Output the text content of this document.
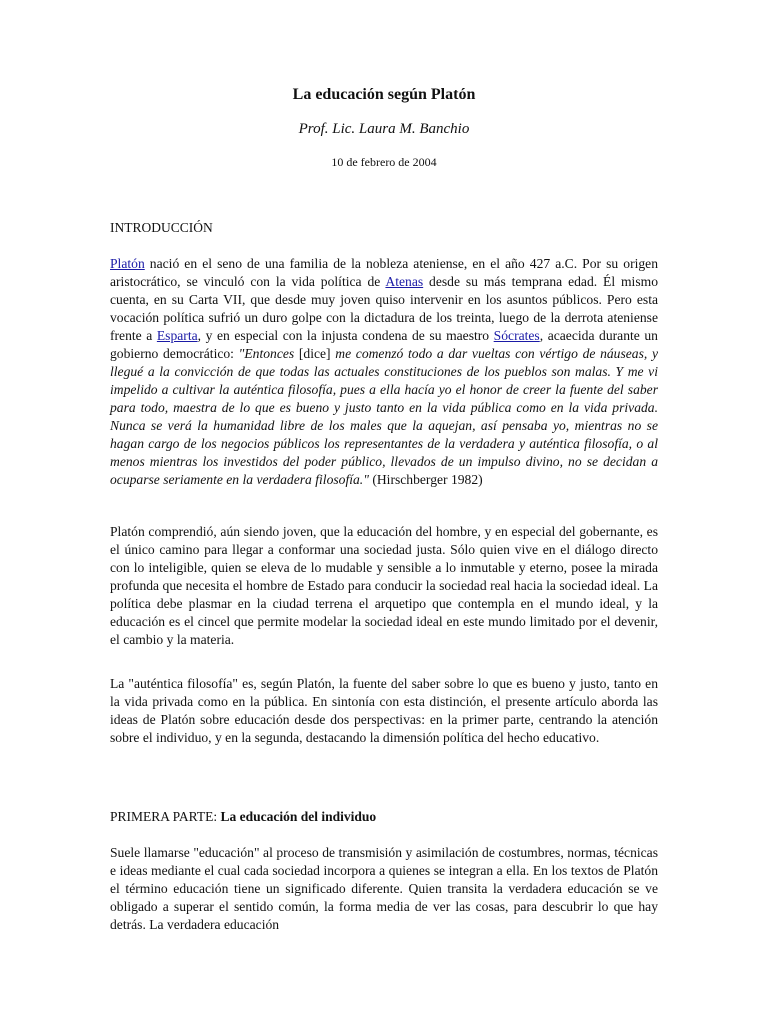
La educación según Platón
Prof. Lic. Laura M. Banchio
10 de febrero de 2004
INTRODUCCIÓN
Platón nació en el seno de una familia de la nobleza ateniense, en el año 427 a.C. Por su origen aristocrático, se vinculó con la vida política de Atenas desde su más temprana edad. Él mismo cuenta, en su Carta VII, que desde muy joven quiso intervenir en los asuntos públicos. Pero esta vocación política sufrió un duro golpe con la dictadura de los treinta, luego de la derrota ateniense frente a Esparta, y en especial con la injusta condena de su maestro Sócrates, acaecida durante un gobierno democrático: "Entonces [dice] me comenzó todo a dar vueltas con vértigo de náuseas, y llegué a la convicción de que todas las actuales constituciones de los pueblos son malas. Y me vi impelido a cultivar la auténtica filosofía, pues a ella hacía yo el honor de creer la fuente del saber para todo, maestra de lo que es bueno y justo tanto en la vida pública como en la vida privada. Nunca se verá la humanidad libre de los males que la aquejan, así pensaba yo, mientras no se hagan cargo de los negocios públicos los representantes de la verdadera y auténtica filosofía, o al menos mientras los investidos del poder público, llevados de un impulso divino, no se decidan a ocuparse seriamente en la verdadera filosofía." (Hirschberger 1982)
Platón comprendió, aún siendo joven, que la educación del hombre, y en especial del gobernante, es el único camino para llegar a conformar una sociedad justa. Sólo quien vive en el diálogo directo con lo inteligible, quien se eleva de lo mudable y sensible a lo inmutable y eterno, posee la mirada profunda que necesita el hombre de Estado para conducir la sociedad real hacia la sociedad ideal. La política debe plasmar en la ciudad terrena el arquetipo que contempla en el mundo ideal, y la educación es el cincel que permite modelar la sociedad ideal en este mundo limitado por el devenir, el cambio y la materia.
La "auténtica filosofía" es, según Platón, la fuente del saber sobre lo que es bueno y justo, tanto en la vida privada como en la pública. En sintonía con esta distinción, el presente artículo aborda las ideas de Platón sobre educación desde dos perspectivas: en la primer parte, centrando la atención sobre el individuo, y en la segunda, destacando la dimensión política del hecho educativo.
PRIMERA PARTE: La educación del individuo
Suele llamarse "educación" al proceso de transmisión y asimilación de costumbres, normas, técnicas e ideas mediante el cual cada sociedad incorpora a quienes se integran a ella. En los textos de Platón el término educación tiene un significado diferente. Quien transita la verdadera educación se ve obligado a superar el sentido común, la forma media de ver las cosas, para descubrir lo que hay detrás. La verdadera educación
